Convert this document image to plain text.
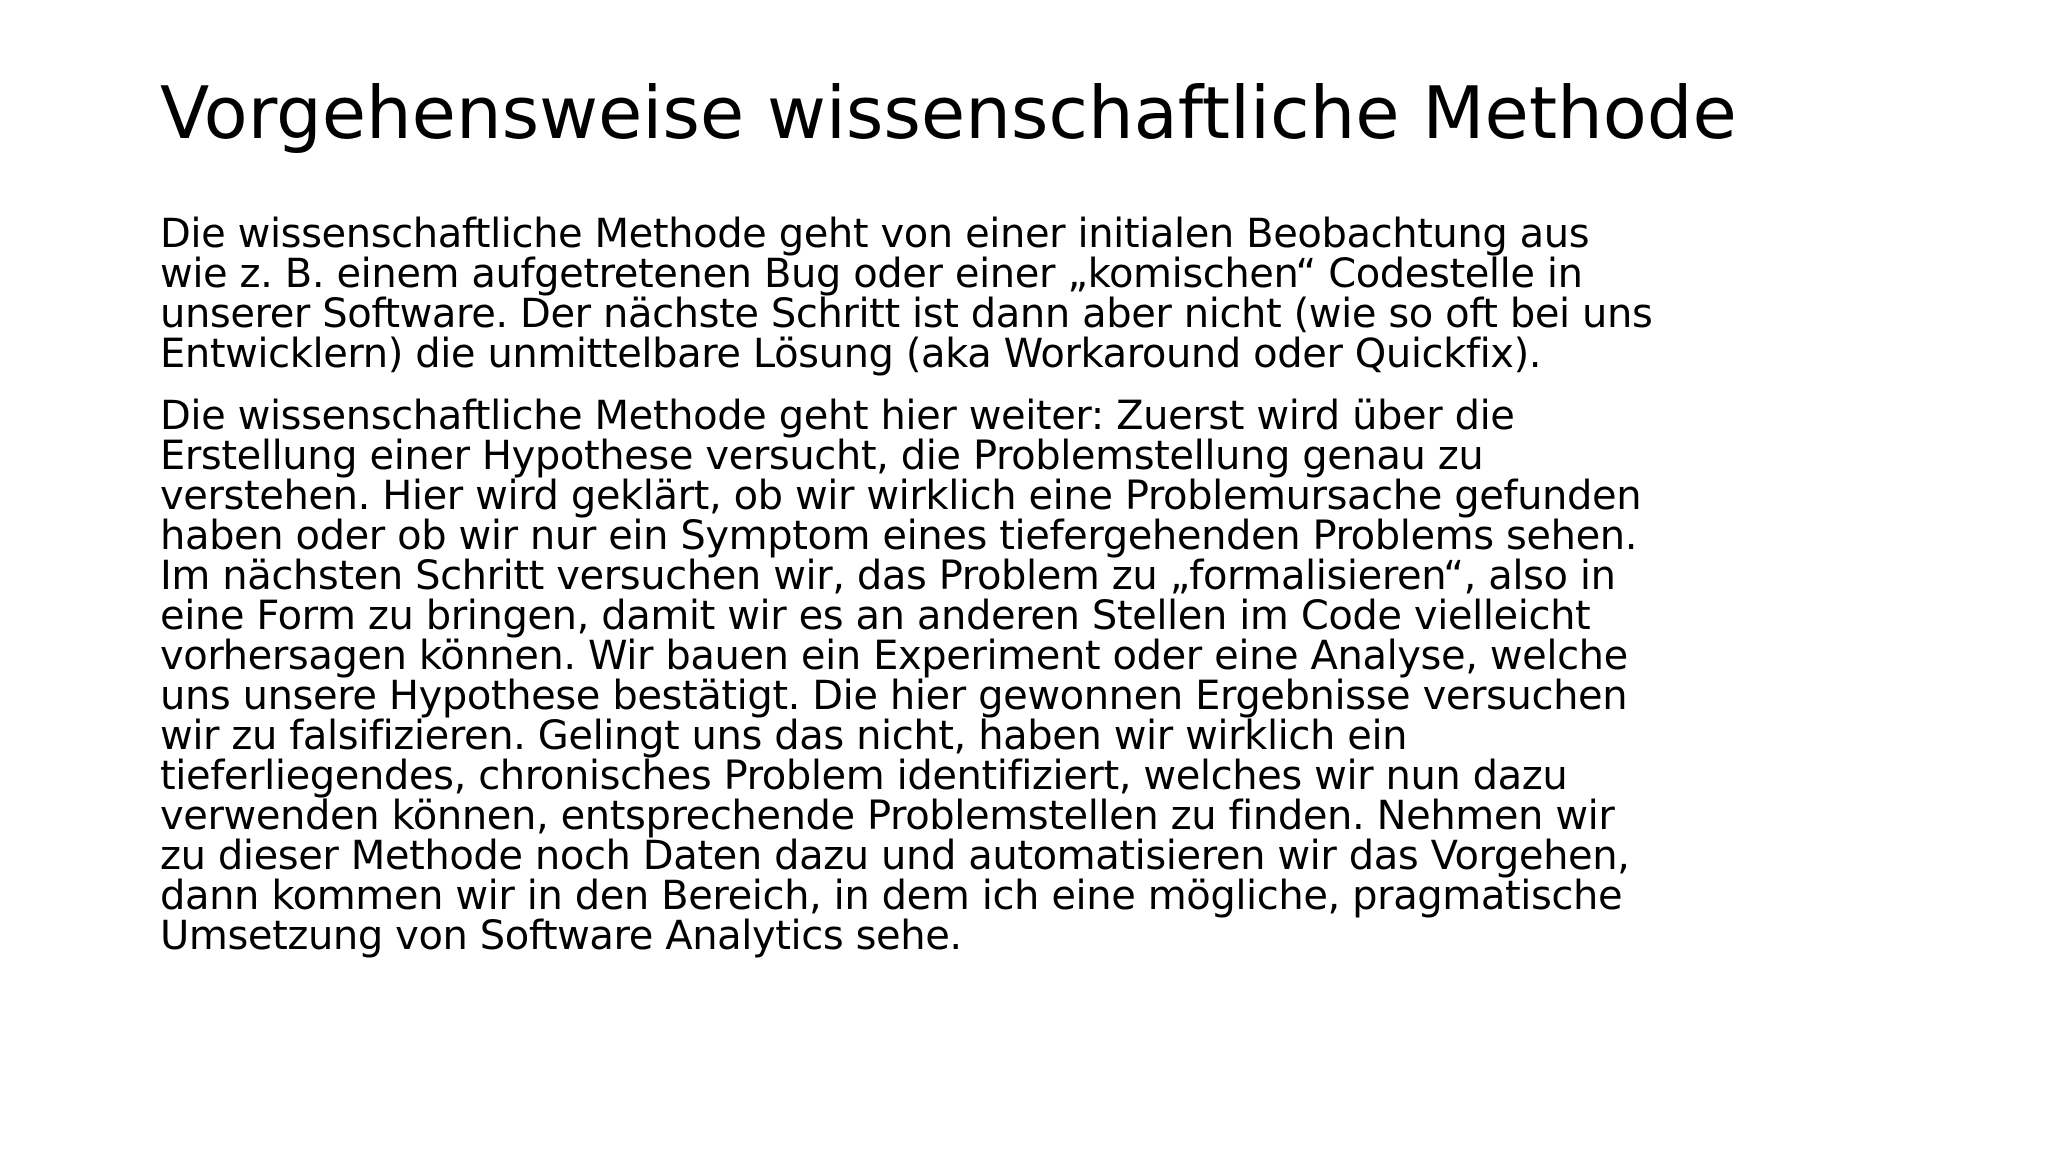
Vorgehensweise wissenschaftliche Methode

Die wissenschaftliche Methode geht von einer initialen Beobachtung aus
wie z. B. einem aufgetretenen Bug oder einer „komischen“ Codestelle in
unserer Software. Der nächste Schritt ist dann aber nicht (wie so oft bei uns
Entwicklern) die unmittelbare Lösung (aka Workaround oder Quickfix).

Die wissenschaftliche Methode geht hier weiter: Zuerst wird über die
Erstellung einer Hypothese versucht, die Problemstellung genau zu
verstehen. Hier wird geklärt, ob wir wirklich eine Problemursache gefunden
haben oder ob wir nur ein Symptom eines tiefergehenden Problems sehen.
Im nächsten Schritt versuchen wir, das Problem zu „formalisieren“, also in
eine Form zu bringen, damit wir es an anderen Stellen im Code vielleicht
vorhersagen können. Wir bauen ein Experiment oder eine Analyse, welche
uns unsere Hypothese bestätigt. Die hier gewonnen Ergebnisse versuchen
wir zu falsifizieren. Gelingt uns das nicht, haben wir wirklich ein
tieferliegendes, chronisches Problem identifiziert, welches wir nun dazu
verwenden können, entsprechende Problemstellen zu finden. Nehmen wir
zu dieser Methode noch Daten dazu und automatisieren wir das Vorgehen,
dann kommen wir in den Bereich, in dem ich eine mögliche, pragmatische
Umsetzung von Software Analytics sehe.
